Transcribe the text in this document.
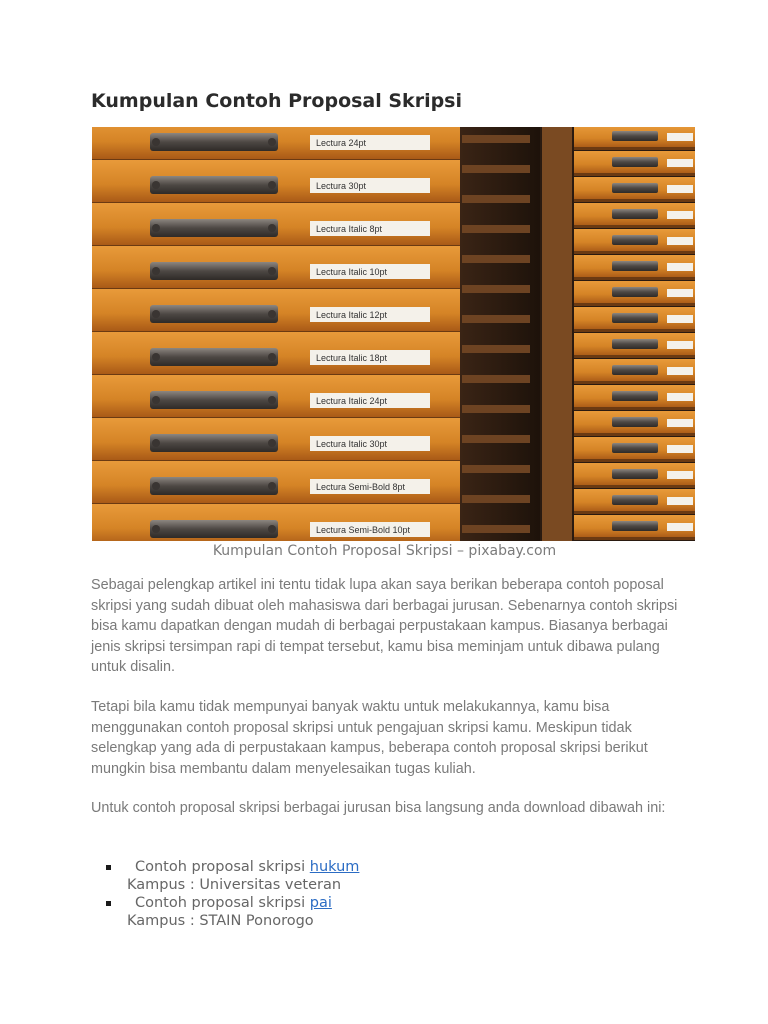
Kumpulan Contoh Proposal Skripsi
Lectura 24pt
Lectura 30pt
Lectura Italic 8pt
Lectura Italic 10pt
Lectura Italic 12pt
Lectura Italic 18pt
Lectura Italic 24pt
Lectura Italic 30pt
Lectura Semi-Bold 8pt
Lectura Semi-Bold 10pt
Kumpulan Contoh Proposal Skripsi – pixabay.com

Sebagai pelengkap artikel ini tentu tidak lupa akan saya berikan beberapa contoh poposal skripsi yang sudah dibuat oleh mahasiswa dari berbagai jurusan. Sebenarnya contoh skripsi bisa kamu dapatkan dengan mudah di berbagai perpustakaan kampus. Biasanya berbagai jenis skripsi tersimpan rapi di tempat tersebut, kamu bisa meminjam untuk dibawa pulang untuk disalin.

Tetapi bila kamu tidak mempunyai banyak waktu untuk melakukannya, kamu bisa menggunakan contoh proposal skripsi untuk pengajuan skripsi kamu. Meskipun tidak selengkap yang ada di perpustakaan kampus, beberapa contoh proposal skripsi berikut mungkin bisa membantu dalam menyelesaikan tugas kuliah.

Untuk contoh proposal skripsi berbagai jurusan bisa langsung anda download dibawah ini:

Contoh proposal skripsi hukum
Kampus : Universitas veteran
Contoh proposal skripsi pai
Kampus : STAIN Ponorogo
